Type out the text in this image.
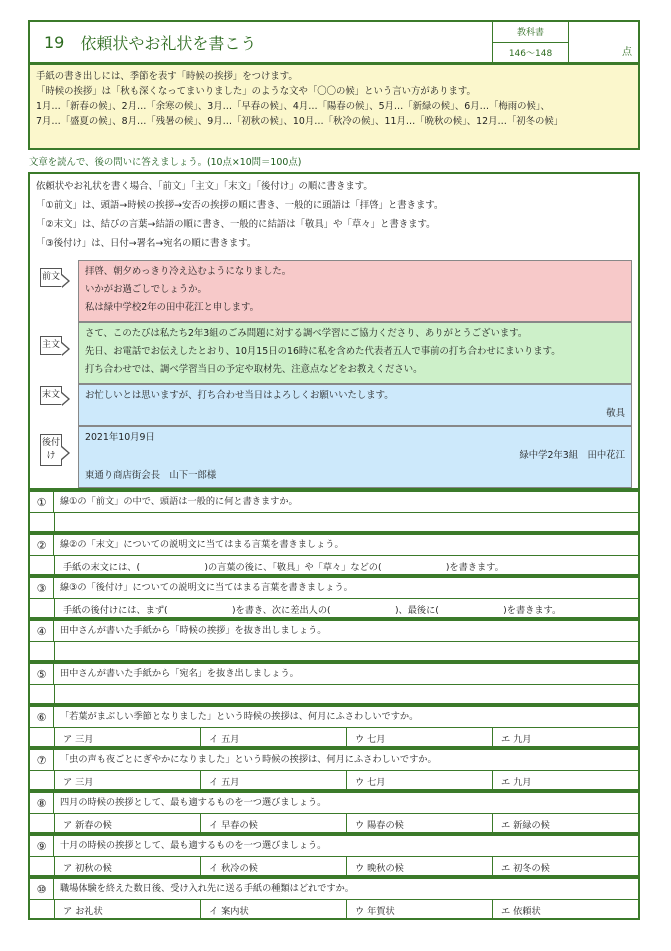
19 依頼状やお礼状を書こう
教科書
146～148	点

手紙の書き出しには、季節を表す「時候の挨拶」をつけます。

「時候の挨拶」は「秋も深くなってまいりました」のような文や「〇〇の候」という言い方があります。

1月…「新春の候」、2月…「余寒の候」、3月…「早春の候」、4月…「陽春の候」、5月…「新緑の候」、6月…「梅雨の候」、

7月…「盛夏の候」、8月…「残暑の候」、9月…「初秋の候」、10月…「秋冷の候」、11月…「晩秋の候」、12月…「初冬の候」

文章を読んで、後の問いに答えましょう。(10点×10問＝100点)

依頼状やお礼状を書く場合、「前文」「主文」「末文」「後付け」の順に書きます。

「①前文」は、頭語→時候の挨拶→安否の挨拶の順に書き、一般的に頭語は「拝啓」と書きます。

「②末文」は、結びの言葉→結語の順に書き、一般的に結語は「敬具」や「草々」と書きます。

「③後付け」は、日付→署名→宛名の順に書きます。

前文	拝啓、朝夕めっきり冷え込むようになりました。

いかがお過ごしでしょうか。

私は緑中学校2年の田中花江と申します。

主文

さて、このたびは私たち2年3組のごみ問題に対する調べ学習にご協力くださり、ありがとうございます。

先日、お電話でお伝えしたとおり、10月15日の16時に私を含めた代表者五人で事前の打ち合わせにまいります。

打ち合わせでは、調べ学習当日の予定や取材先、注意点などをお教えください。

末文	お忙しいとは思いますが、打ち合わせ当日はよろしくお願いいたします。

敬具

後付け

2021年10月9日

緑中学2年3組　田中花江

東通り商店街会長　山下一郎様

①	線①の「前文」の中で、頭語は一般的に何と書きますか。
②	線②の「末文」についての説明文に当てはまる言葉を書きましょう。
手紙の末文には、(　　　　　　　)の言葉の後に、「敬具」や「草々」などの(　　　　　　　)を書きます。
③	線③の「後付け」についての説明文に当てはまる言葉を書きましょう。
手紙の後付けには、まず(　　　　　　　)を書き、次に差出人の(　　　　　　　)、最後に(　　　　　　　)を書きます。
④	田中さんが書いた手紙から「時候の挨拶」を抜き出しましょう。
⑤	田中さんが書いた手紙から「宛名」を抜き出しましょう。
⑥	「若葉がまぶしい季節となりました」という時候の挨拶は、何月にふさわしいですか。
ア 三月	イ 五月	ウ 七月	エ 九月
⑦	「虫の声も夜ごとにぎやかになりました」という時候の挨拶は、何月にふさわしいですか。
ア 三月	イ 五月	ウ 七月	エ 九月
⑧	四月の時候の挨拶として、最も適するものを一つ選びましょう。
ア 新春の候	イ 早春の候	ウ 陽春の候	エ 新緑の候
⑨	十月の時候の挨拶として、最も適するものを一つ選びましょう。
ア 初秋の候	イ 秋冷の候	ウ 晩秋の候	エ 初冬の候
⑩	職場体験を終えた数日後、受け入れ先に送る手紙の種類はどれですか。
ア お礼状	イ 案内状	ウ 年賀状	エ 依頼状
